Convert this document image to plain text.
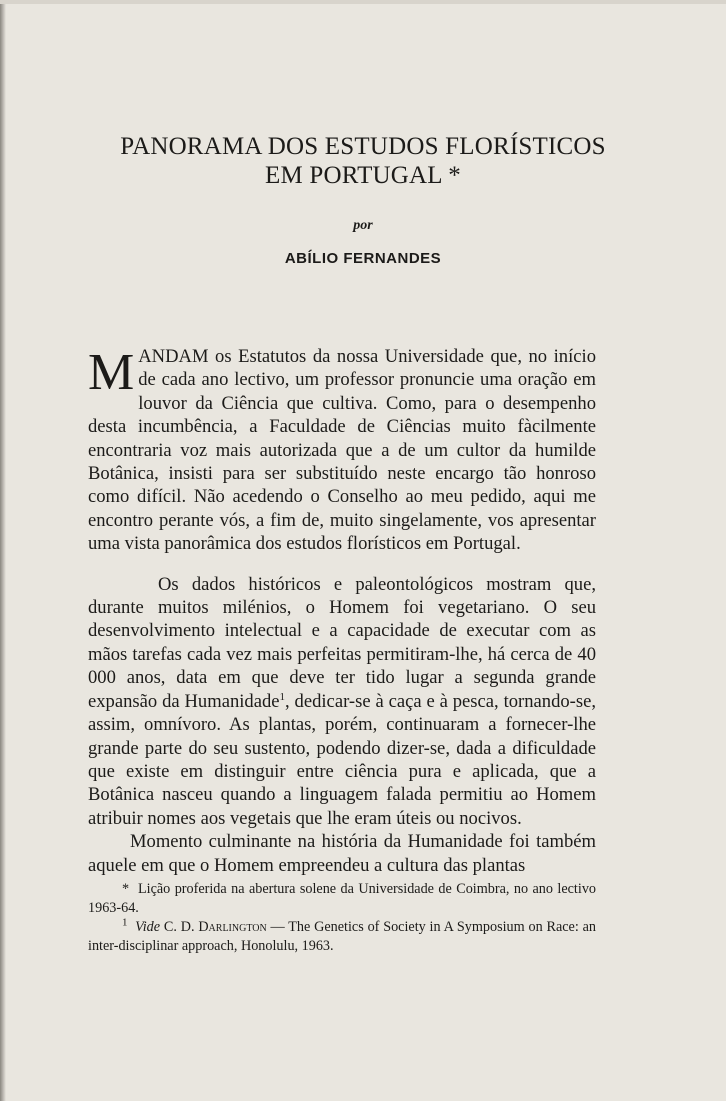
PANORAMA DOS ESTUDOS FLORÍSTICOS
EM PORTUGAL *
por
ABÍLIO FERNANDES

MANDAM os Estatutos da nossa Universidade que, no início de cada ano lectivo, um professor pronuncie uma oração em louvor da Ciência que cultiva. Como, para o desempenho desta incumbência, a Faculdade de Ciências muito fàcilmente encontraria voz mais autorizada que a de um cultor da humilde Botânica, insisti para ser substituído neste encargo tão honroso como difícil. Não acedendo o Conselho ao meu pedido, aqui me encontro perante vós, a fim de, muito singelamente, vos apresentar uma vista panorâmica dos estudos florísticos em Portugal.

Os dados históricos e paleontológicos mostram que, durante muitos milénios, o Homem foi vegetariano. O seu desenvolvimento intelectual e a capacidade de executar com as mãos tarefas cada vez mais perfeitas permitiram-lhe, há cerca de 40 000 anos, data em que deve ter tido lugar a segunda grande expansão da Humanidade$^1$, dedicar-se à caça e à pesca, tornando-se, assim, omnívoro. As plantas, porém, continuaram a fornecer-lhe grande parte do seu sustento, podendo dizer-se, dada a dificuldade que existe em distinguir entre ciência pura e aplicada, que a Botânica nasceu quando a linguagem falada permitiu ao Homem atribuir nomes aos vegetais que lhe eram úteis ou nocivos.

Momento culminante na história da Humanidade foi também aquele em que o Homem empreendeu a cultura das plantas

* Lição proferida na abertura solene da Universidade de Coimbra, no ano lectivo 1963-64.

$^1$ Vide C. D. Darlington — The Genetics of Society in A Symposium on Race: an inter-disciplinar approach, Honolulu, 1963.
